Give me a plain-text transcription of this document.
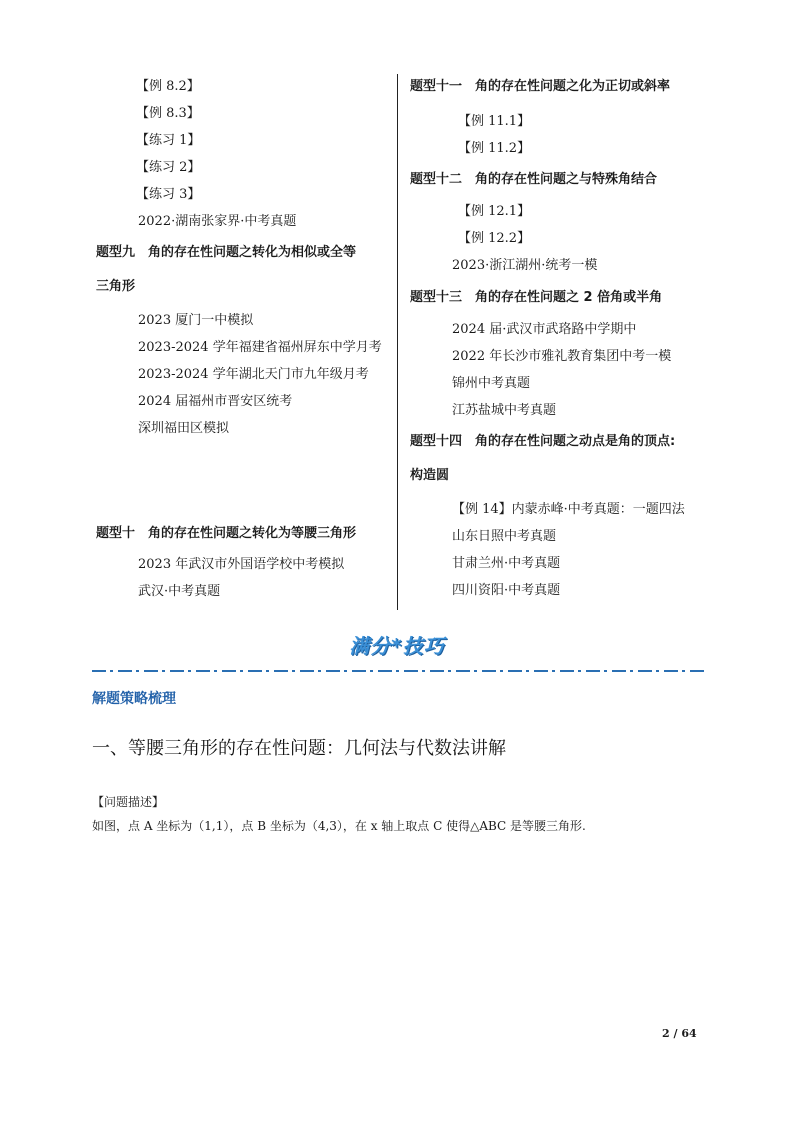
【例 8.2】
【例 8.3】
【练习 1】
【练习 2】
【练习 3】
2022·湖南张家界·中考真题
题型九　角的存在性问题之转化为相似或全等
三角形
2023 厦门一中模拟
2023-2024 学年福建省福州屏东中学月考
2023-2024 学年湖北天门市九年级月考
2024 届福州市晋安区统考
深圳福田区模拟
题型十　角的存在性问题之转化为等腰三角形
2023 年武汉市外国语学校中考模拟
武汉·中考真题
题型十一　角的存在性问题之化为正切或斜率
【例 11.1】
【例 11.2】
题型十二　角的存在性问题之与特殊角结合
【例 12.1】
【例 12.2】
2023·浙江湖州·统考一模
题型十三　角的存在性问题之 2 倍角或半角
2024 届·武汉市武珞路中学期中
2022 年长沙市雅礼教育集团中考一模
锦州中考真题
江苏盐城中考真题
题型十四　角的存在性问题之动点是角的顶点:
构造圆
【例 14】内蒙赤峰·中考真题：一题四法
山东日照中考真题
甘肃兰州·中考真题
四川资阳·中考真题
满分*技巧
解题策略梳理
一、等腰三角形的存在性问题：几何法与代数法讲解
【问题描述】
如图，点 A 坐标为（1,1），点 B 坐标为（4,3），在 x 轴上取点 C 使得△ABC 是等腰三角形.
2 / 64
